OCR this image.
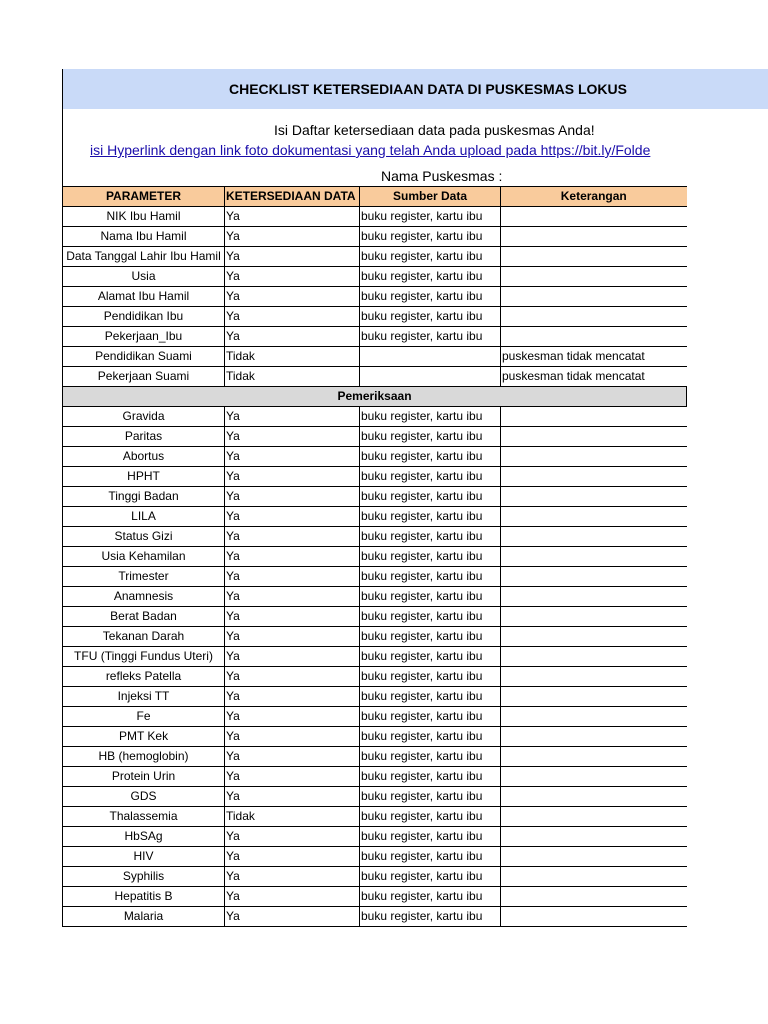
CHECKLIST KETERSEDIAAN DATA DI PUSKESMAS LOKUS
Isi Daftar ketersediaan data pada puskesmas Anda!
isi Hyperlink dengan link foto dokumentasi yang telah Anda upload pada https://bit.ly/Folde
Nama Puskesmas :
PARAMETER	KETERSEDIAAN DATA	Sumber Data	Keterangan
NIK Ibu Hamil	Ya	buku register, kartu ibu	
Nama Ibu Hamil	Ya	buku register, kartu ibu	
Data Tanggal Lahir Ibu Hamil	Ya	buku register, kartu ibu	
Usia	Ya	buku register, kartu ibu	
Alamat Ibu Hamil	Ya	buku register, kartu ibu	
Pendidikan Ibu	Ya	buku register, kartu ibu	
Pekerjaan_Ibu	Ya	buku register, kartu ibu	
Pendidikan Suami	Tidak		puskesman tidak mencatat
Pekerjaan Suami	Tidak		puskesman tidak mencatat
Pemeriksaan			
Gravida	Ya	buku register, kartu ibu	
Paritas	Ya	buku register, kartu ibu	
Abortus	Ya	buku register, kartu ibu	
HPHT	Ya	buku register, kartu ibu	
Tinggi Badan	Ya	buku register, kartu ibu	
LILA	Ya	buku register, kartu ibu	
Status Gizi	Ya	buku register, kartu ibu	
Usia Kehamilan	Ya	buku register, kartu ibu	
Trimester	Ya	buku register, kartu ibu	
Anamnesis	Ya	buku register, kartu ibu	
Berat Badan	Ya	buku register, kartu ibu	
Tekanan Darah	Ya	buku register, kartu ibu	
TFU (Tinggi Fundus Uteri)	Ya	buku register, kartu ibu	
refleks Patella	Ya	buku register, kartu ibu	
Injeksi TT	Ya	buku register, kartu ibu	
Fe	Ya	buku register, kartu ibu	
PMT Kek	Ya	buku register, kartu ibu	
HB (hemoglobin)	Ya	buku register, kartu ibu	
Protein Urin	Ya	buku register, kartu ibu	
GDS	Ya	buku register, kartu ibu	
Thalassemia	Tidak	buku register, kartu ibu	
HbSAg	Ya	buku register, kartu ibu	
HIV	Ya	buku register, kartu ibu	
Syphilis	Ya	buku register, kartu ibu	
Hepatitis B	Ya	buku register, kartu ibu	
Malaria	Ya	buku register, kartu ibu	
